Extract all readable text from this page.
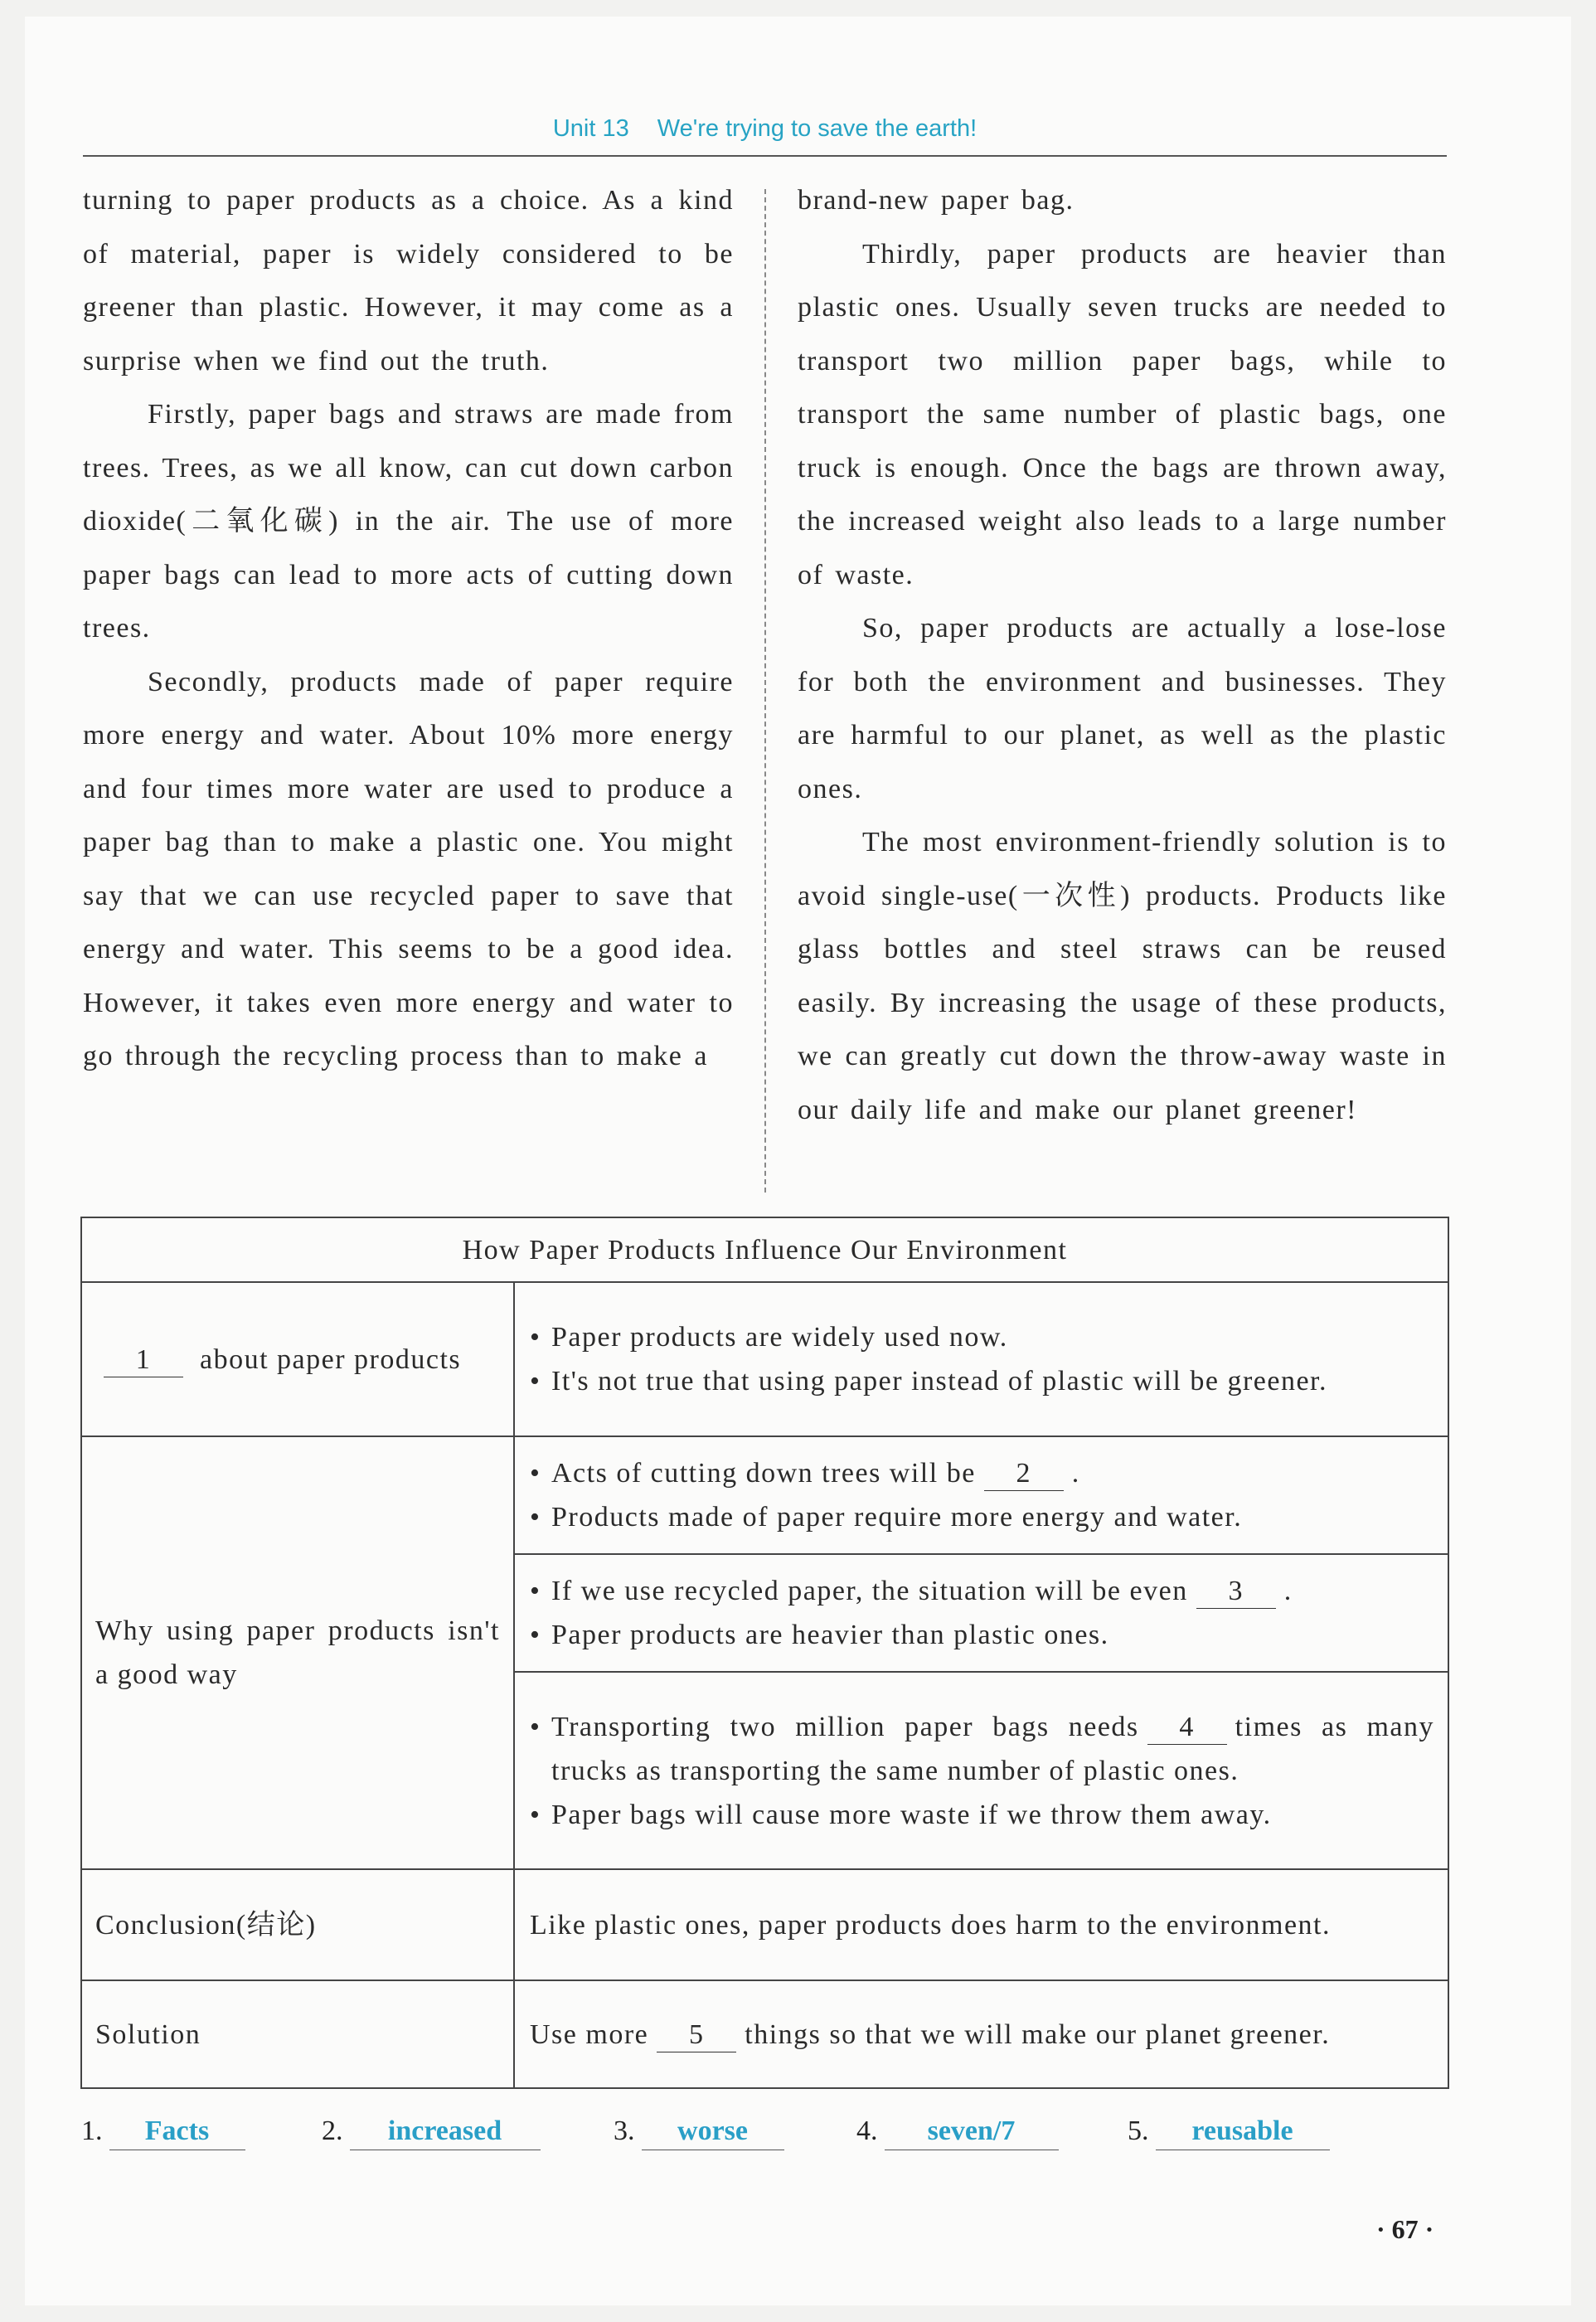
Unit 13 We're trying to save the earth!

turning to paper products as a choice. As a kind of material, paper is widely considered to be greener than plastic. However, it may come as a surprise when we find out the truth.

Firstly, paper bags and straws are made from trees. Trees, as we all know, can cut down carbon dioxide(二氧化碳) in the air. The use of more paper bags can lead to more acts of cutting down trees.

Secondly, products made of paper require more energy and water. About 10% more energy and four times more water are used to produce a paper bag than to make a plastic one. You might say that we can use recycled paper to save that energy and water. This seems to be a good idea. However, it takes even more energy and water to go through the recycling process than to make a

brand-new paper bag.

Thirdly, paper products are heavier than plastic ones. Usually seven trucks are needed to transport two million paper bags, while to transport the same number of plastic bags, one truck is enough. Once the bags are thrown away, the increased weight also leads to a large number of waste.

So, paper products are actually a lose-lose for both the environment and businesses. They are harmful to our planet, as well as the plastic ones.

The most environment-friendly solution is to avoid single-use(一次性) products. Products like glass bottles and steel straws can be reused easily. By increasing the usage of these products, we can greatly cut down the throw-away waste in our daily life and make our planet greener!

How Paper Products Influence Our Environment	
1 about paper products	• Paper products are widely used now.
• It's not true that using paper instead of plastic will be greener.

Why using paper products isn't a good way	• Acts of cutting down trees will be 2 .
• Products made of paper require more energy and water.

	• If we use recycled paper, the situation will be even 3 .
• Paper products are heavier than plastic ones.

	• Transporting two million paper bags needs 4 times as many trucks as transporting the same number of plastic ones.
• Paper bags will cause more waste if we throw them away.

Conclusion(结论)	Like plastic ones, paper products does harm to the environment.
Solution	Use more 5 things so that we will make our planet greener.
1. Facts	2. increased	3. worse	4. seven/7	5. reusable
· 67 ·
